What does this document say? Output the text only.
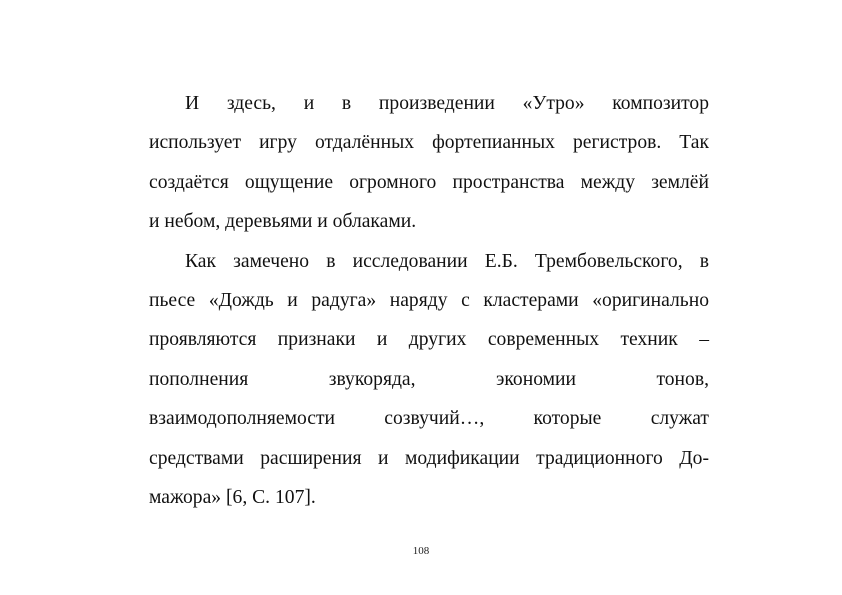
И здесь, и в произведении «Утро» композитор
использует игру отдалённых фортепианных регистров. Так
создаётся ощущение огромного пространства между землёй
и небом, деревьями и облаками.
Как замечено в исследовании Е.Б. Трембовельского, в
пьесе «Дождь и радуга» наряду с кластерами «оригинально
проявляются признаки и других современных техник –
пополнения звукоряда, экономии тонов,
взаимодополняемости созвучий…, которые служат
средствами расширения и модификации традиционного До-
мажора» [6, С. 107].
108
